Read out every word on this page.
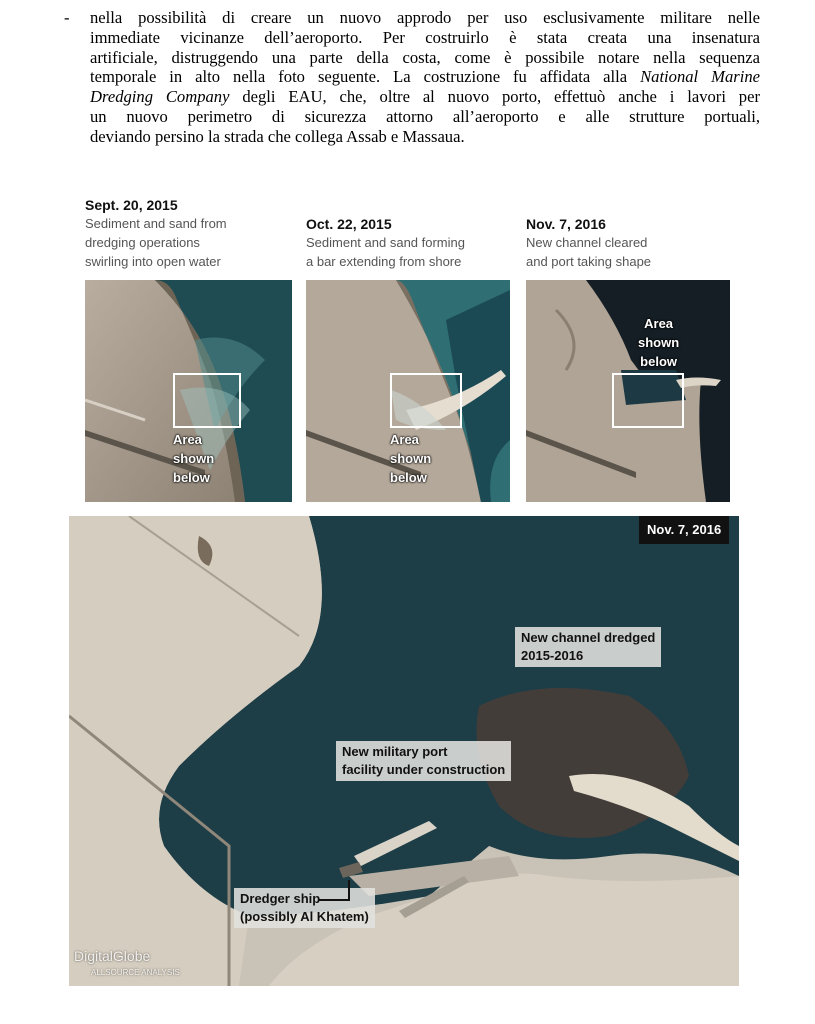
- nella possibilità di creare un nuovo approdo per uso esclusivamente militare nelle
immediate vicinanze dell’aeroporto. Per costruirlo è stata creata una insenatura
artificiale, distruggendo una parte della costa, come è possibile notare nella sequenza
temporale in alto nella foto seguente. La costruzione fu affidata alla National Marine
Dredging Company degli EAU, che, oltre al nuovo porto, effettuò anche i lavori per
un nuovo perimetro di sicurezza attorno all’aeroporto e alle strutture portuali,
deviando persino la strada che collega Assab e Massaua.
Sept. 20, 2015
Sediment and sand from
dredging operations
swirling into open water
Oct. 22, 2015
Sediment and sand forming
a bar extending from shore
Nov. 7, 2016
New channel cleared
and port taking shape
Area
shown
below
Area
shown
below
Area
shown
below
Nov. 7, 2016
New channel dredged
2015-2016
New military port
facility under construction
Dredger ship
(possibly Al Khatem)
DigitalGlobe
ALLSOURCE ANALYSIS
